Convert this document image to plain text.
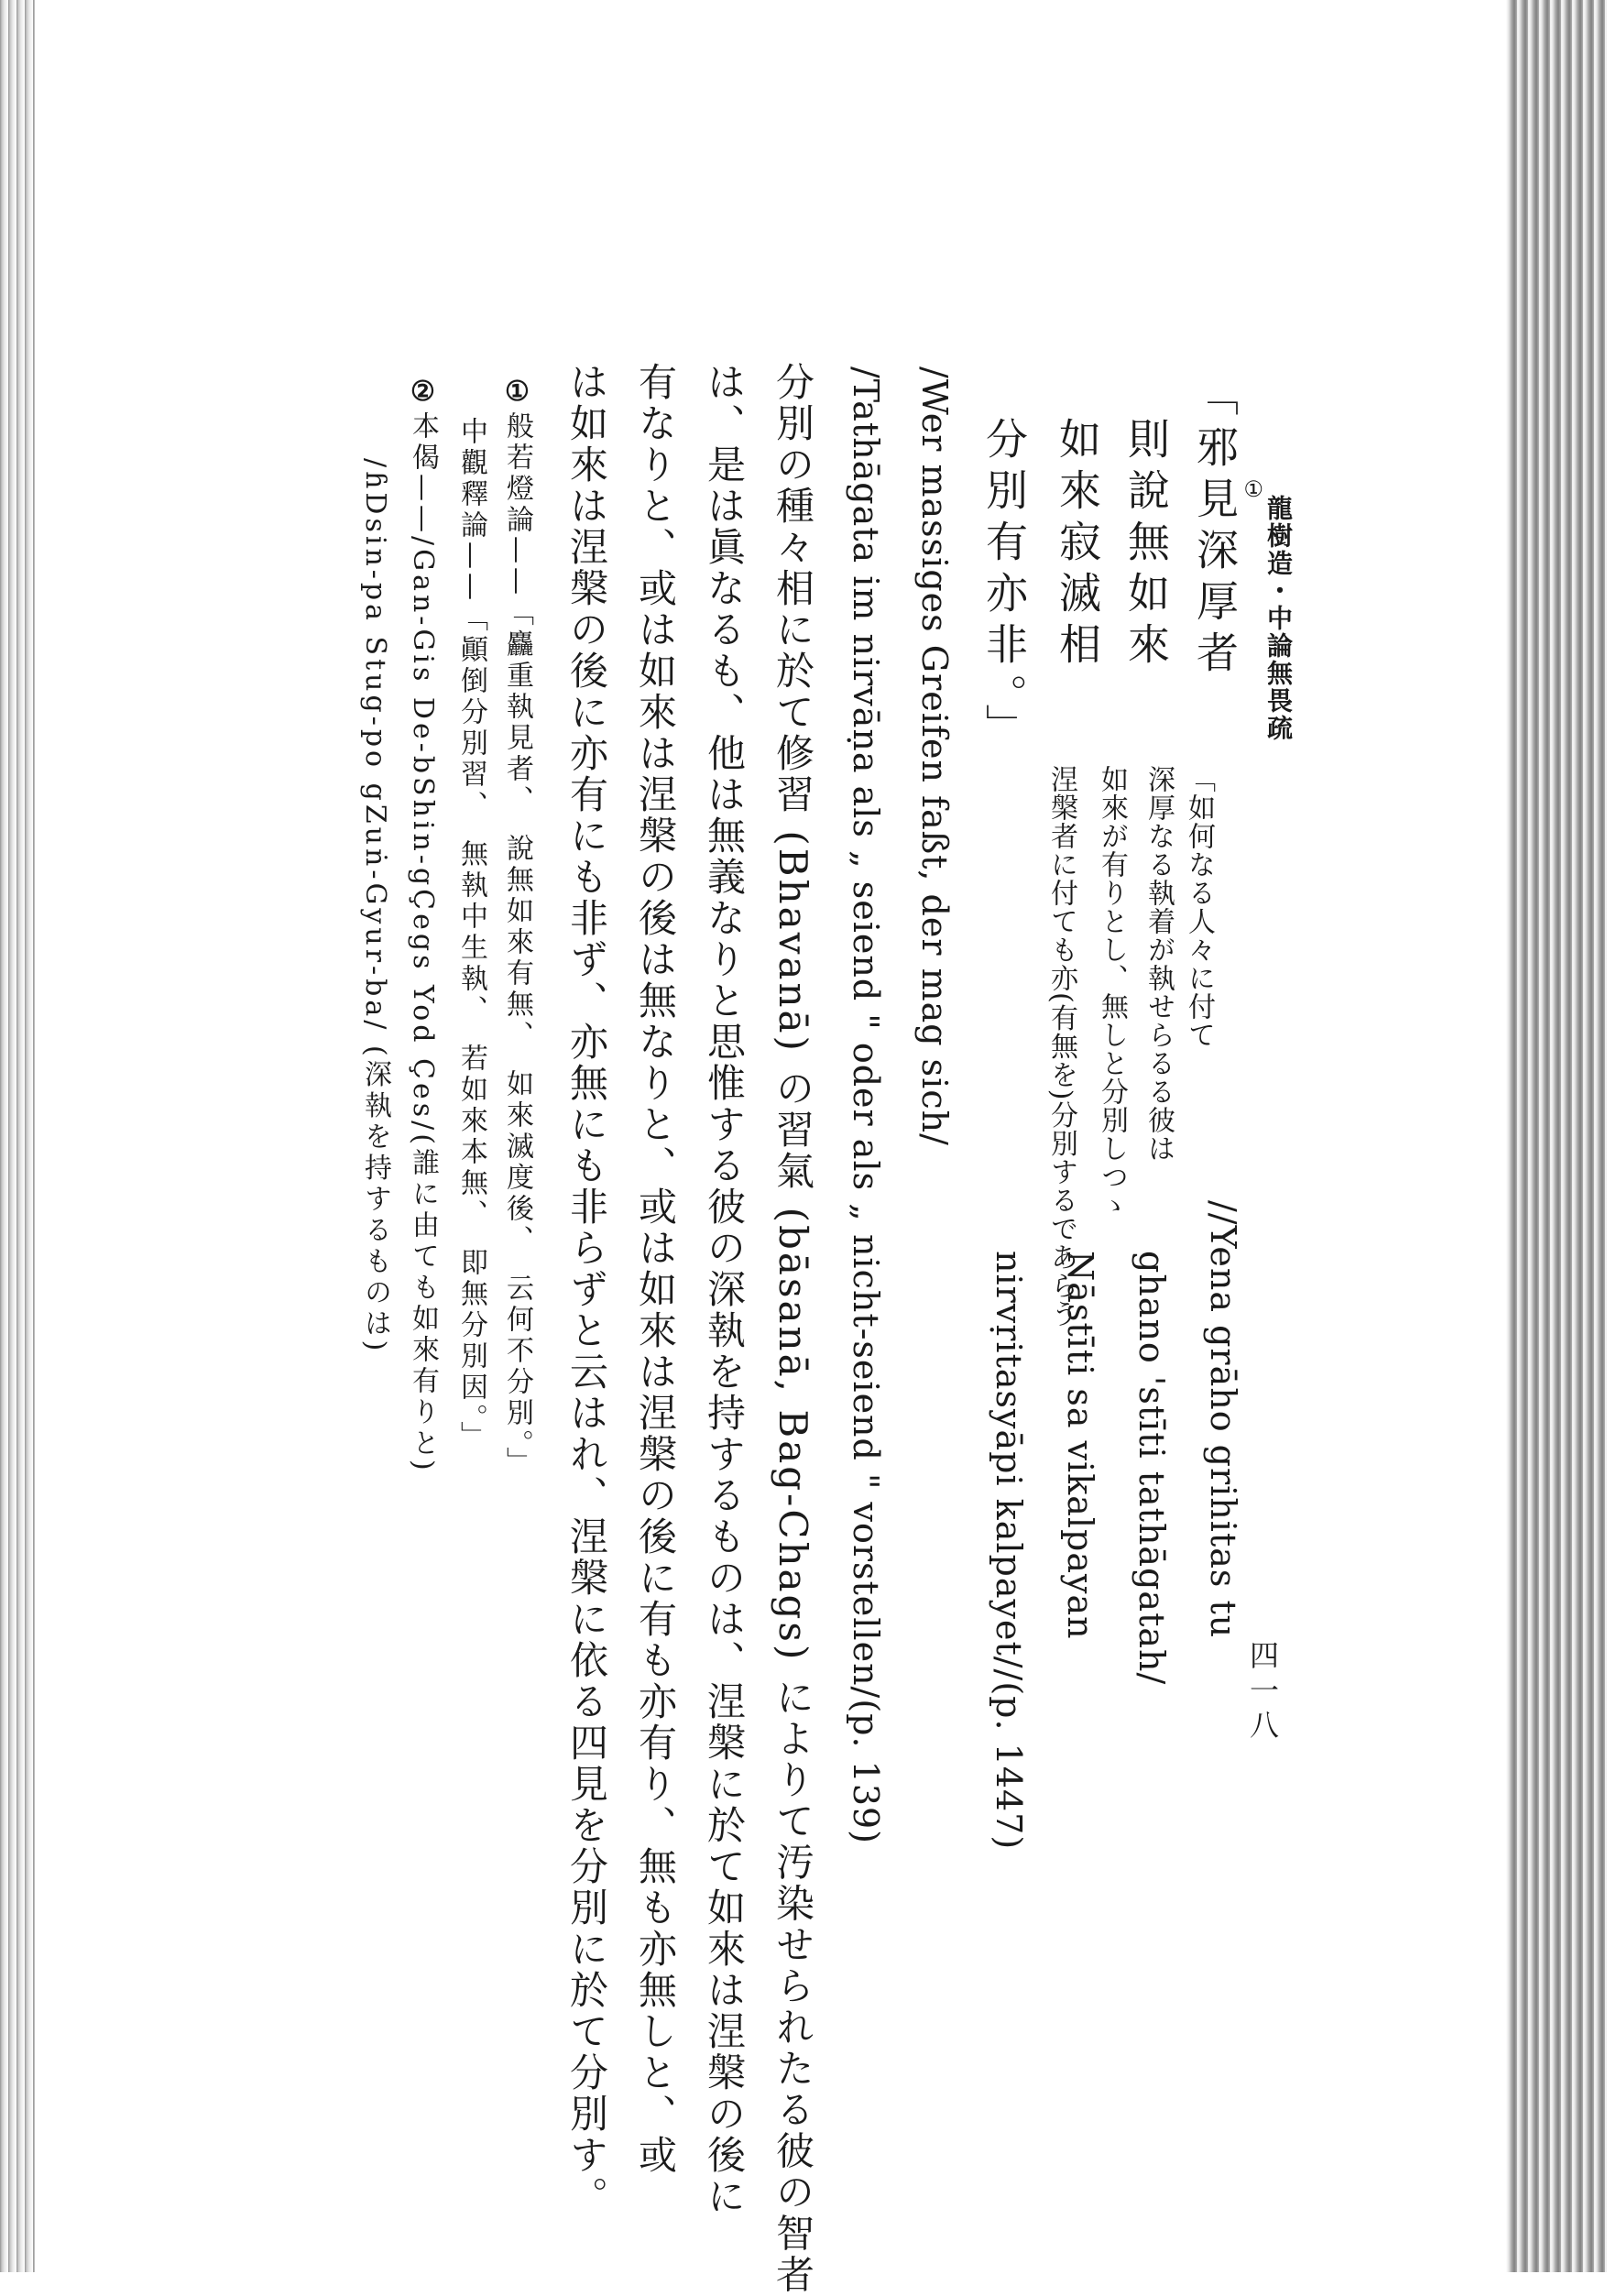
龍樹造・中論無畏疏
四一八
「邪見深厚者 ①
則說無如來
如來寂滅相
分別有亦非。」
「如何なる人々に付て
深厚なる執着が執せらるる彼は
如來が有りとし、無しと分別しつゝ
涅槃者に付ても亦(有無を)分別するであらう
//Yena grāho grihitas tu
ghano 'stīti tathāgatah/
Nāstīti sa vikalpayan
nirvṛitasyāpi kalpayet//(p. 1447)
/Wer massiges Greifen faßt, der mag sich/
/Tathāgata im nirvāṇa als „ seiend " oder als „ nicht-seiend " vorstellen/(p. 139)
分別の種々相に於て修習 (Bhavanā) の習氣 (bāsanā, Bag-Chags) によりて汚染せられたる彼の智者
は、是は眞なるも、他は無義なりと思惟する彼の深執を持するものは、涅槃に於て如來は涅槃の後に
有なりと、或は如來は涅槃の後は無なりと、或は如來は涅槃の後に有も亦有り、無も亦無しと、或
は如來は涅槃の後に亦有にも非ず、亦無にも非らずと云はれ、涅槃に依る四見を分別に於て分別す。
①般若燈論——「麤重執見者、　說無如來有無、　如來滅度後、　云何不分別。」
中觀釋論——「顚倒分別習、　無執中生執、　若如來本無、　即無分別因。」
②本偈——/Gan-Gis De-bShin-gÇegs Yod Çes/(誰に由ても如來有りと)
/ɦDsin-pa Stug-po gZuṅ-Gyur-ba/ (深執を持するものは)
